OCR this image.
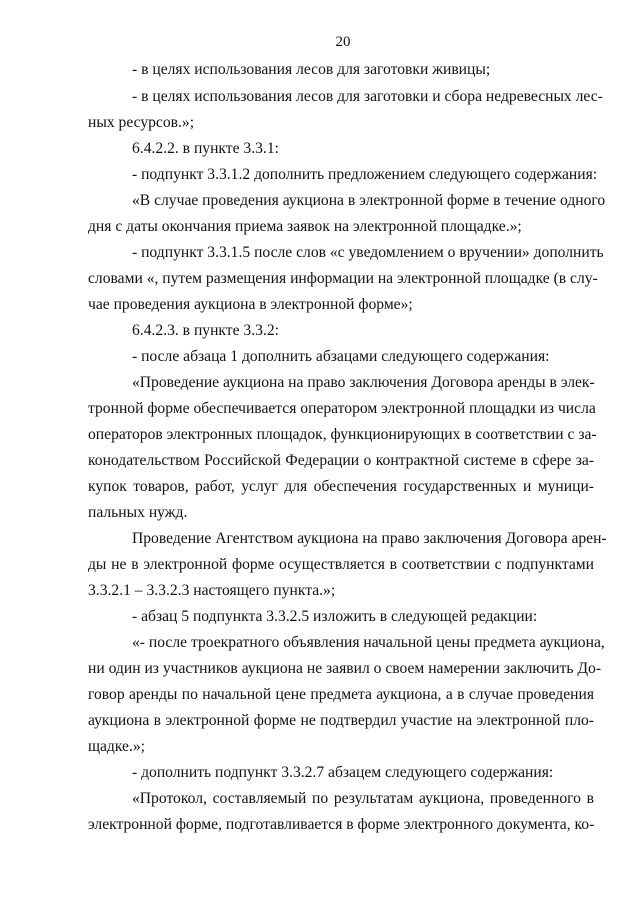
20
- в целях использования лесов для заготовки живицы;
- в целях использования лесов для заготовки и сбора недревесных лес-
ных ресурсов.»;
6.4.2.2. в пункте 3.3.1:
- подпункт 3.3.1.2 дополнить предложением следующего содержания:
«В случае проведения аукциона в электронной форме в течение одного
дня с даты окончания приема заявок на электронной площадке.»;
- подпункт 3.3.1.5 после слов «с уведомлением о вручении» дополнить
словами «, путем размещения информации на электронной площадке (в слу-
чае проведения аукциона в электронной форме»;
6.4.2.3. в пункте 3.3.2:
- после абзаца 1 дополнить абзацами следующего содержания:
«Проведение аукциона на право заключения Договора аренды в элек-
тронной форме обеспечивается оператором электронной площадки из числа
операторов электронных площадок, функционирующих в соответствии с за-
конодательством Российской Федерации о контрактной системе в сфере за-
купок товаров, работ, услуг для обеспечения государственных и муници-
пальных нужд.
Проведение Агентством аукциона на право заключения Договора арен-
ды не в электронной форме осуществляется в соответствии с подпунктами
3.3.2.1 – 3.3.2.3 настоящего пункта.»;
- абзац 5 подпункта 3.3.2.5 изложить в следующей редакции:
«- после троекратного объявления начальной цены предмета аукциона,
ни один из участников аукциона не заявил о своем намерении заключить До-
говор аренды по начальной цене предмета аукциона, а в случае проведения
аукциона в электронной форме не подтвердил участие на электронной пло-
щадке.»;
- дополнить подпункт 3.3.2.7 абзацем следующего содержания:
«Протокол, составляемый по результатам аукциона, проведенного в
электронной форме, подготавливается в форме электронного документа, ко-
